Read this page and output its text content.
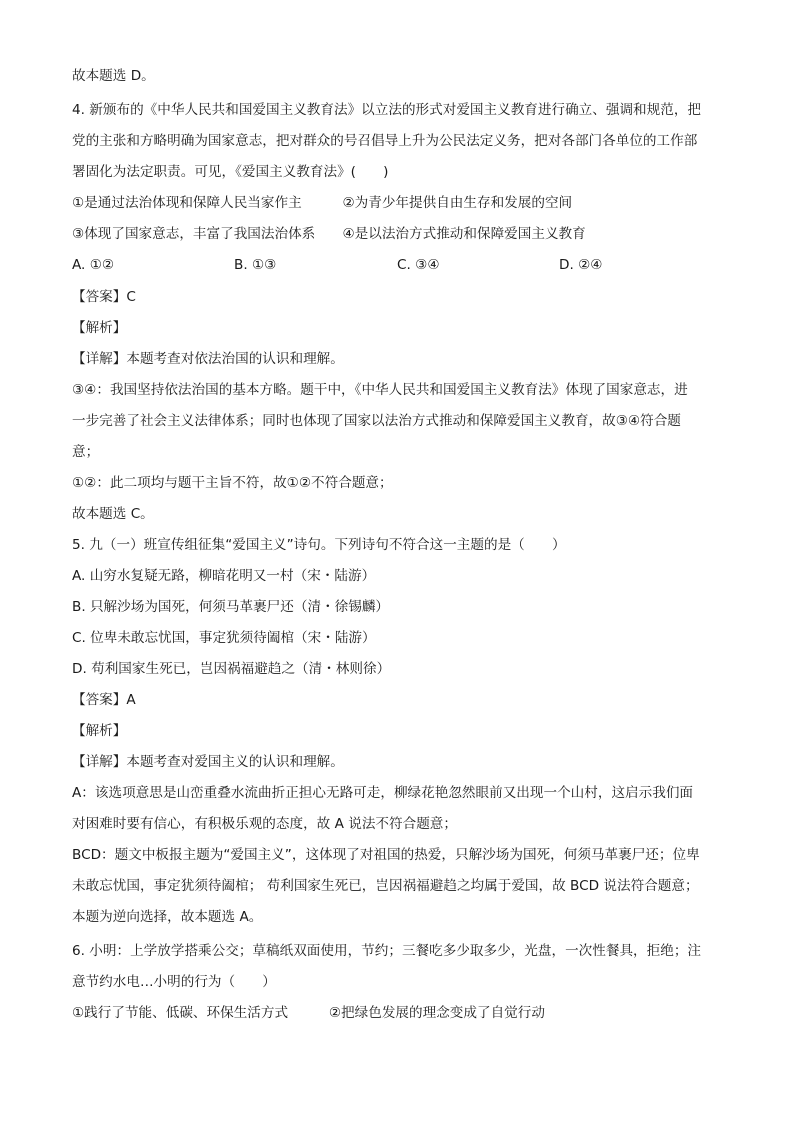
故本题选 D。
4. 新颁布的《中华人民共和国爱国主义教育法》以立法的形式对爱国主义教育进行确立、强调和规范，把
党的主张和方略明确为国家意志，把对群众的号召倡导上升为公民法定义务，把对各部门各单位的工作部
署固化为法定职责。可见，《爱国主义教育法》(　　)
①是通过法治体现和保障人民当家作主　　　②为青少年提供自由生存和发展的空间
③体现了国家意志，丰富了我国法治体系　　④是以法治方式推动和保障爱国主义教育
A. ①②	B. ①③	C. ③④	D. ②④
【答案】C
【解析】
【详解】本题考查对依法治国的认识和理解。
③④：我国坚持依法治国的基本方略。题干中，《中华人民共和国爱国主义教育法》体现了国家意志，进
一步完善了社会主义法律体系；同时也体现了国家以法治方式推动和保障爱国主义教育，故③④符合题
意；
①②：此二项均与题干主旨不符，故①②不符合题意；
故本题选 C。
5. 九（一）班宣传组征集“爱国主义”诗句。下列诗句不符合这一主题的是（　　）
A. 山穷水复疑无路，柳暗花明又一村（宋・陆游）
B. 只解沙场为国死，何须马革裹尸还（清・徐锡麟）
C. 位卑未敢忘忧国，事定犹须待阖棺（宋・陆游）
D. 苟利国家生死已，岂因祸福避趋之（清・林则徐）
【答案】A
【解析】
【详解】本题考查对爱国主义的认识和理解。
A：该选项意思是山峦重叠水流曲折正担心无路可走，柳绿花艳忽然眼前又出现一个山村，这启示我们面
对困难时要有信心，有积极乐观的态度，故 A 说法不符合题意；
BCD：题文中板报主题为“爱国主义”，这体现了对祖国的热爱，只解沙场为国死，何须马革裹尸还；位卑
未敢忘忧国，事定犹须待阖棺； 苟利国家生死已，岂因祸福避趋之均属于爱国，故 BCD 说法符合题意；
本题为逆向选择，故本题选 A。
6. 小明：上学放学搭乘公交；草稿纸双面使用，节约；三餐吃多少取多少，光盘，一次性餐具，拒绝；注
意节约水电…小明的行为（　　）
①践行了节能、低碳、环保生活方式　　　②把绿色发展的理念变成了自觉行动
